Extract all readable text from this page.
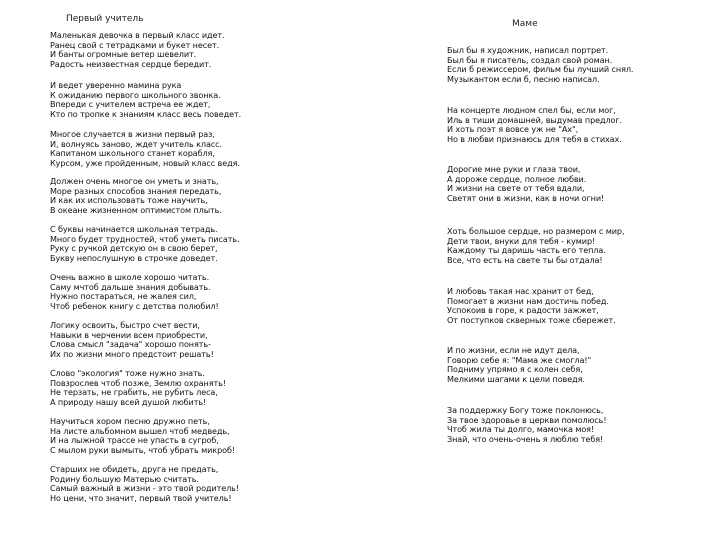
Первый учитель	Маме
Маленькая девочка в первый класс идет.
Ранец свой с тетрадками и букет несет.
И банты огромные ветер шевелит.
Радость неизвестная сердце бередит.
И ведет уверенно мамина рука
К ожиданию первого школьного звонка.
Впереди с учителем встреча ее ждет,
Кто по тропке к знаниям класс весь поведет.
Многое случается в жизни первый раз,
И, волнуясь заново, ждет учитель класс.
Капитаном школьного станет корабля,
Курсом, уже пройденным, новый класс ведя.
Должен очень многое он уметь и знать,
Море разных способов знания передать,
И как их использовать тоже научить,
В океане жизненном оптимистом плыть.
С буквы начинается школьная тетрадь.
Много будет трудностей, чтоб уметь писать.
Руку с ручкой детскую он в свою берет,
Букву непослушную в строчке доведет.
Очень важно в школе хорошо читать.
Саму мчтоб дальше знания добывать.
Нужно постараться, не жалея сил,
Чтоб ребенок книгу с детства полюбил!
Логику освоить, быстро счет вести,
Навыки в черчении всем приобрести,
Слова смысл "задача" хорошо понять-
Их по жизни много предстоит решать!
Слово "экология" тоже нужно знать.
Повзрослев чтоб позже, Землю охранять!
Не терзать, не грабить, не рубить леса,
А природу нашу всей душой любить!
Научиться хором песню дружно петь,
На листе альбомном вышел чтоб медведь,
И на лыжной трассе не упасть в сугроб,
С мылом руки вымыть, чтоб убрать микроб!
Старших не обидеть, друга не предать,
Родину большую Матерью считать.
Самый важный в жизни - это твой родитель!
Но цени, что значит, первый твой учитель!
Был бы я художник, написал портрет.
Был бы я писатель, создал свой роман.
Если б режиссером, фильм бы лучший снял.
Музыкантом если б, песню написал.
На концерте людном спел бы, если мог,
Иль в тиши домашней, выдумав предлог.
И хоть поэт я вовсе уж не "Ах",
Но в любви признаюсь для тебя в стихах.
Дорогие мне руки и глаза твои,
А дороже сердце, полное любви.
И жизни на свете от тебя вдали,
Светят они в жизни, как в ночи огни!
Хоть большое сердце, но размером с мир,
Дети твои, внуки для тебя - кумир!
Каждому ты даришь часть его тепла.
Все, что есть на свете ты бы отдала!
И любовь такая нас хранит от бед,
Помогает в жизни нам достичь побед.
Успокоив в горе, к радости зажжет,
От поступков скверных тоже сбережет.
И по жизни, если не идут дела,
Говорю себе я: "Мама же смогла!"
Подниму упрямо я с колен себя,
Мелкими шагами к цели поведя.
За поддержку Богу тоже поклонюсь,
За твое здоровье в церкви помолюсь!
Чтоб жила ты долго, мамочка моя!
Знай, что очень-очень я люблю тебя!
